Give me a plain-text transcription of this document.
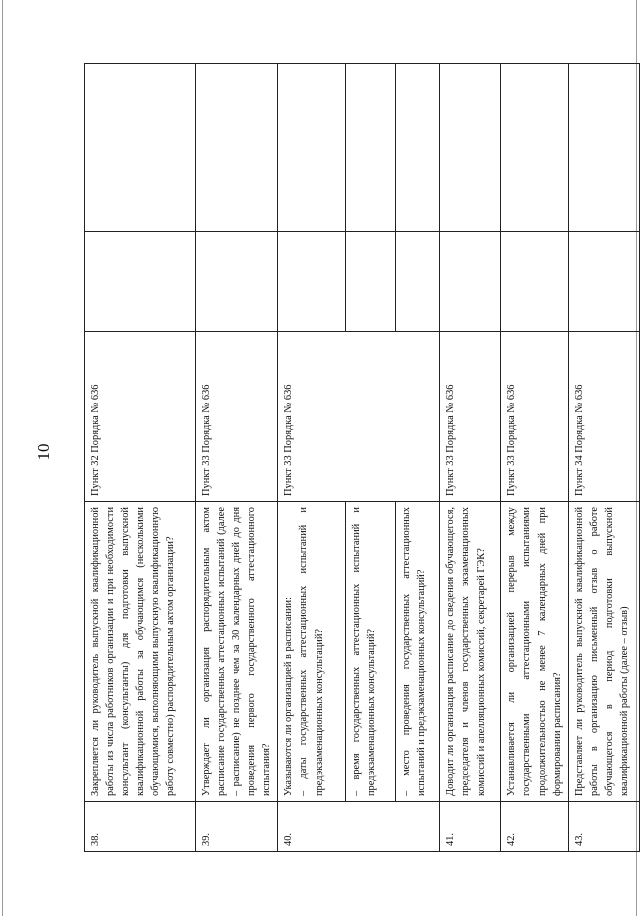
10
38.	Закрепляется ли руководитель выпускной квалификационной работы из числа работников организации и при необходимости консультант (консультанты) для подготовки выпускной квалификационной работы за обучающимся (несколькими обучающимися, выполняющими выпускную квалификационную работу совместно) распорядительным актом организации?	Пункт 32 Порядка № 636		
39.	Утверждает ли организация распорядительным актом расписание государственных аттестационных испытаний (далее – расписание) не позднее чем за 30 календарных дней до дня проведения первого государственного аттестационного испытания?	Пункт 33 Порядка № 636		
40.	Указываются ли организацией в расписании: – даты государственных аттестационных испытаний и предэкзаменационных консультаций?	Пункт 33 Порядка № 636		
	– время государственных аттестационных испытаний и предэкзаменационных консультаций?			
	– место проведения государственных аттестационных испытаний и предэкзаменационных консультаций?			
41.	Доводит ли организация расписание до сведения обучающегося, председателя и членов государственных экзаменационных комиссий и апелляционных комиссий, секретарей ГЭК?	Пункт 33 Порядка № 636		
42.	Устанавливается ли организацией перерыв между государственными аттестационными испытаниями продолжительностью не менее 7 календарных дней при формировании расписания?	Пункт 33 Порядка № 636		
43.	Представляет ли руководитель выпускной квалификационной работы в организацию письменный отзыв о работе обучающегося в период подготовки выпускной квалификационной работы (далее – отзыв)	Пункт 34 Порядка № 636		
